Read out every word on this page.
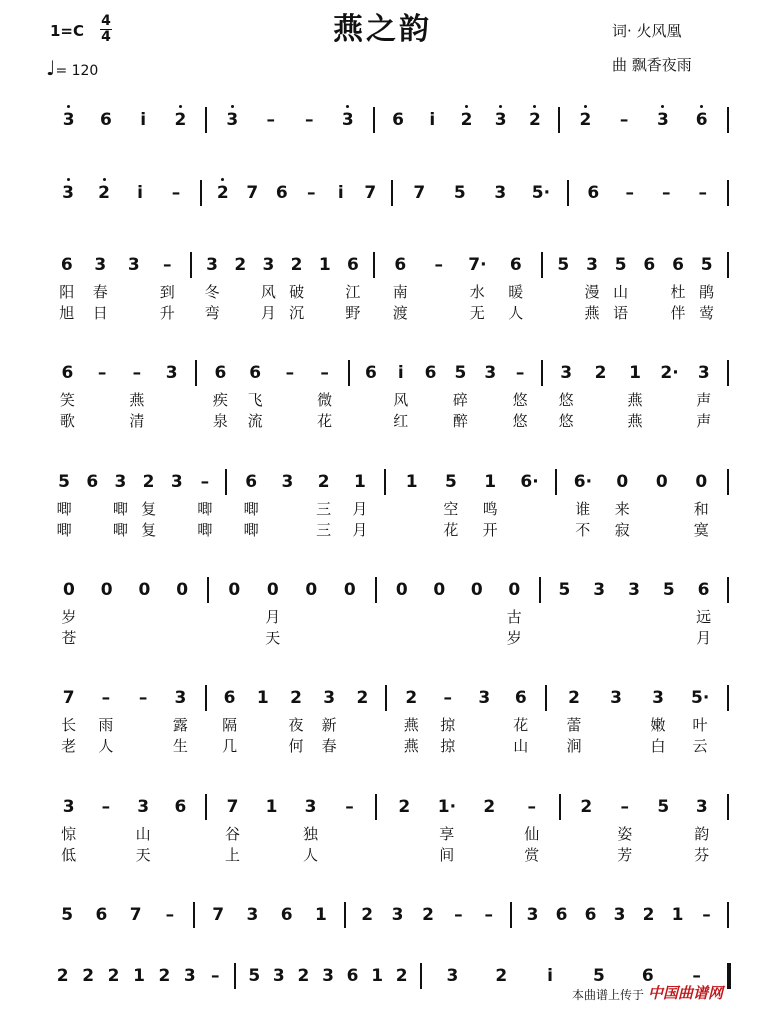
燕之韵
1=C
4
4
♩= 120
词· 火风凰
曲 飘香夜雨
3 6	i	2 3 – – 3 6	i	2 3 2 2 – 3 6
3 2	i	– 2 7 6 –	i	7 7 5 3 5· 6 – – –
6 3 3 – 3 2 3 2 1 6 6 – 7· 6 5 3 5 6 6 5
阳 春	到 冬	风 破	江 南	水 暖	漫 山	杜 鹃
旭 日	升 弯	月 沉	野 渡	无 人	燕 语	伴 莺
6 – – 3 6 6 – – 6	i	6 5 3 – 3 2 1 2· 3
笑	燕	疾 飞	微	风	碎	悠 悠	燕	声
歌	清	泉 流	花	红	醉	悠 悠	燕	声
5 6 3 2 3 – 6 3 2 1 1 5 1 6· 6· 0 0 0
唧	唧 复	唧 唧	三 月	空 鸣	谁 来	和
唧	唧 复	唧 唧	三 月	花 开	不 寂	寞
0 0 0 0 0 0 0 0 0 0 0 0 5 3 3 5 6
岁	月	古	远
苍	天	岁	月
7 – – 3 6 1 2 3 2 2 – 3 6 2 3 3 5·
长 雨	露 隔	夜 新	燕 掠	花	蕾	嫩 叶
老 人	生 几	何 春	燕 掠	山	涧	白 云
3 – 3 6 7 1 3 –	2 1· 2 –	2 – 5 3
惊	山	谷	独	享	仙	姿	韵
低	天	上	人	间	赏	芳	芬
5 6 7 – 7 3 6 1 2 3 2 – – 3 6 6 3 2 1 –
2 2 2 1 2 3 – 5 3 2 3 6 1 2 3 2	i	5 6 –
本曲谱上传于 中国曲谱网
